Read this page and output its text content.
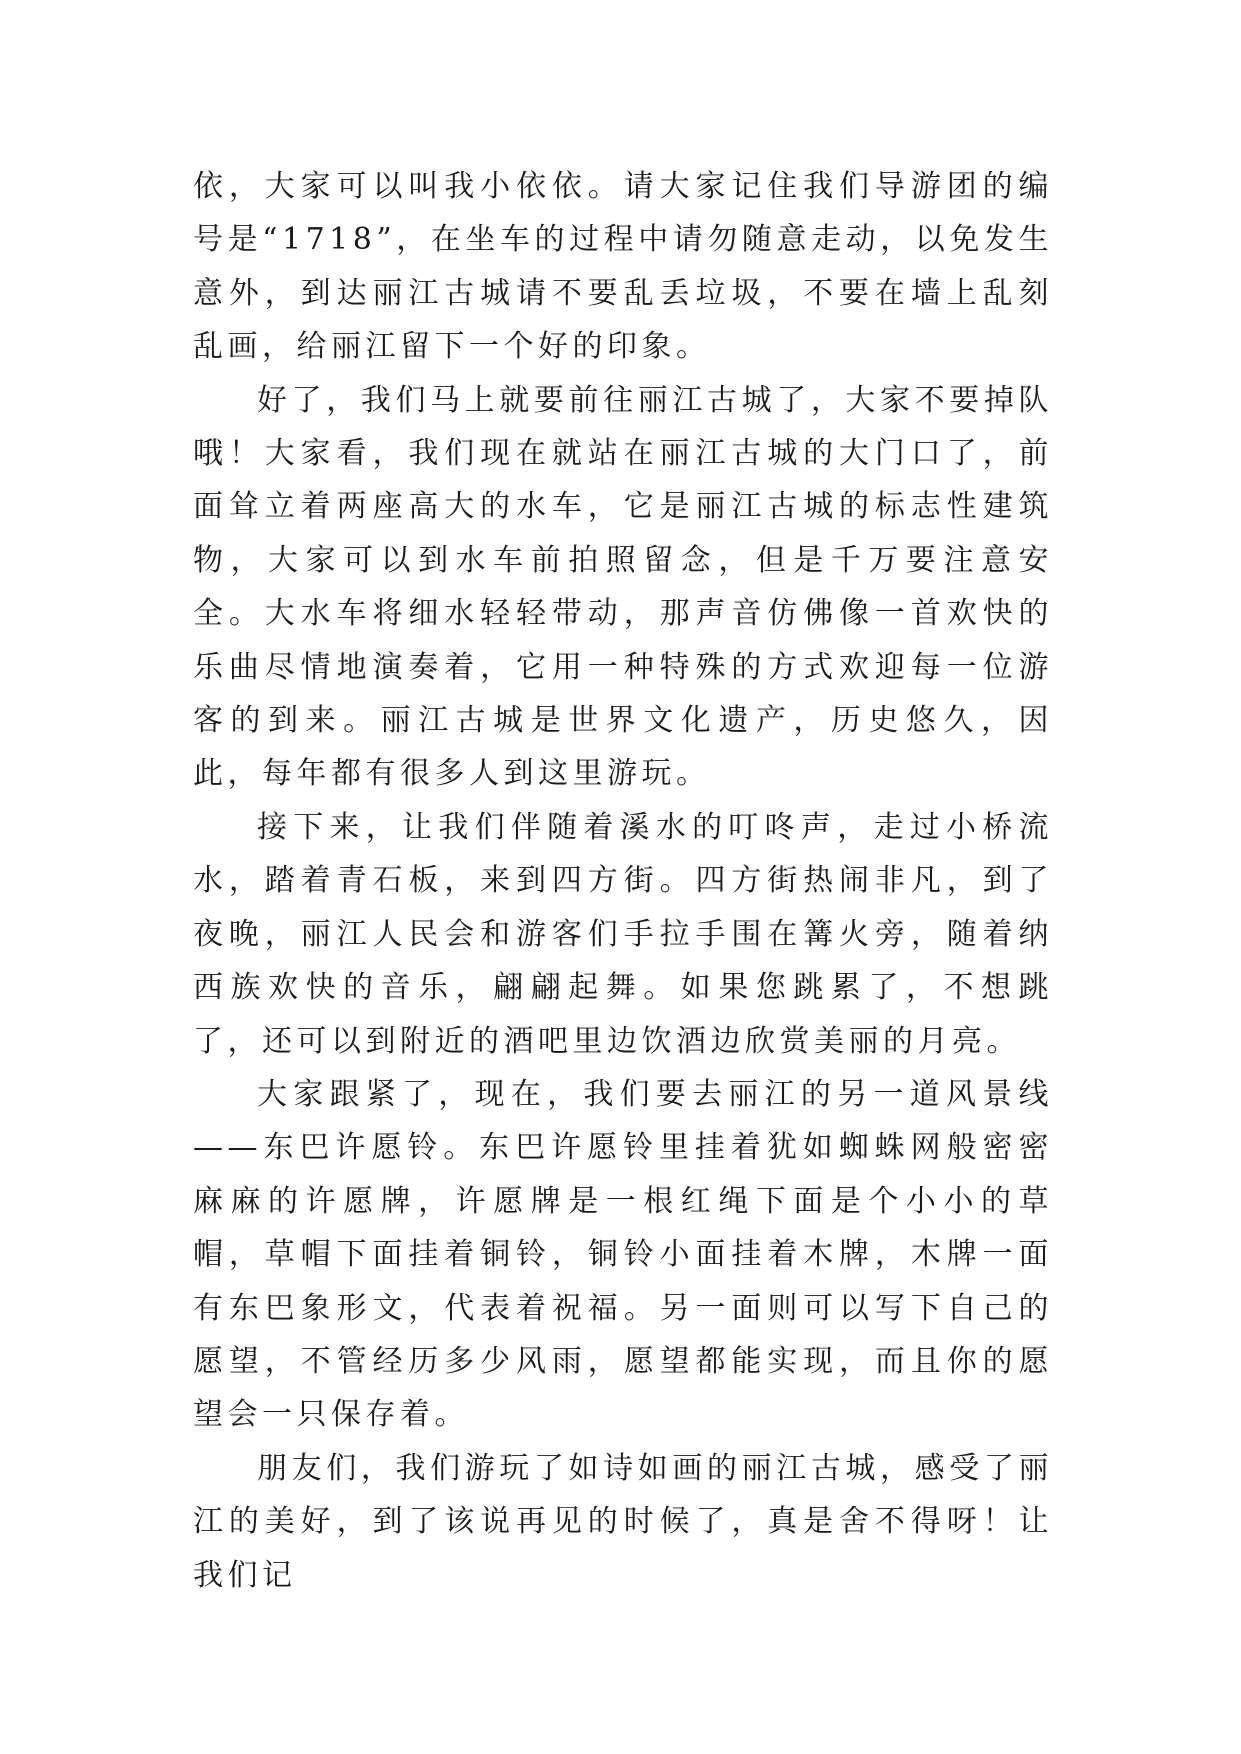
依，大家可以叫我小依依。请大家记住我们导游团的编号是“1718”，在坐车的过程中请勿随意走动，以免发生意外，到达丽江古城请不要乱丢垃圾，不要在墙上乱刻乱画，给丽江留下一个好的印象。

好了，我们马上就要前往丽江古城了，大家不要掉队哦！大家看，我们现在就站在丽江古城的大门口了，前面耸立着两座高大的水车，它是丽江古城的标志性建筑物，大家可以到水车前拍照留念，但是千万要注意安全。大水车将细水轻轻带动，那声音仿佛像一首欢快的乐曲尽情地演奏着，它用一种特殊的方式欢迎每一位游客的到来。丽江古城是世界文化遗产，历史悠久，因此，每年都有很多人到这里游玩。

接下来，让我们伴随着溪水的叮咚声，走过小桥流水，踏着青石板，来到四方街。四方街热闹非凡，到了夜晚，丽江人民会和游客们手拉手围在篝火旁，随着纳西族欢快的音乐，翩翩起舞。如果您跳累了，不想跳了，还可以到附近的酒吧里边饮酒边欣赏美丽的月亮。

大家跟紧了，现在，我们要去丽江的另一道风景线——东巴许愿铃。东巴许愿铃里挂着犹如蜘蛛网般密密麻麻的许愿牌，许愿牌是一根红绳下面是个小小的草帽，草帽下面挂着铜铃，铜铃小面挂着木牌，木牌一面有东巴象形文，代表着祝福。另一面则可以写下自己的愿望，不管经历多少风雨，愿望都能实现，而且你的愿望会一只保存着。

朋友们，我们游玩了如诗如画的丽江古城，感受了丽江的美好，到了该说再见的时候了，真是舍不得呀！让我们记
